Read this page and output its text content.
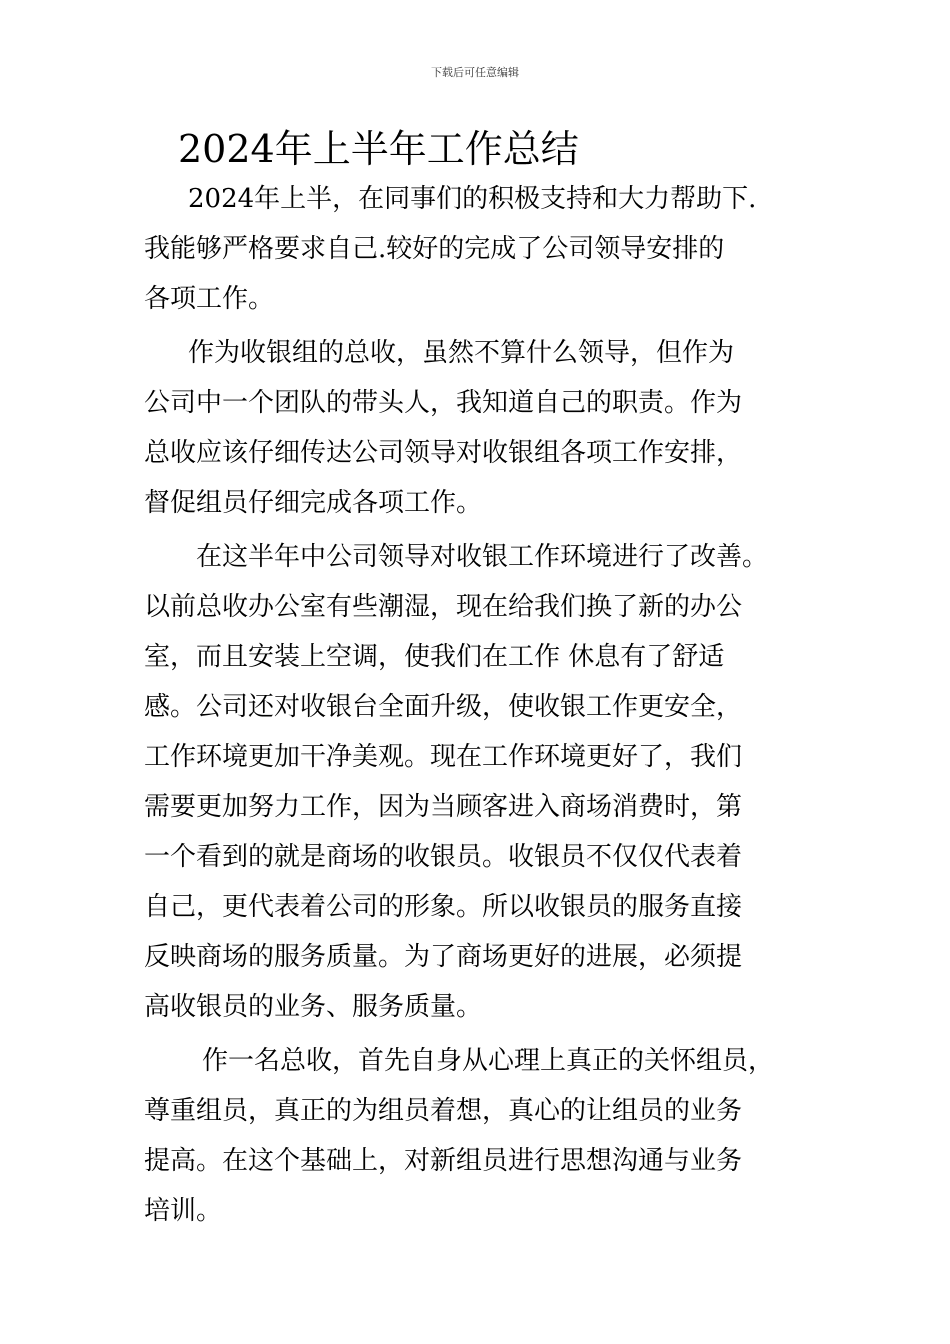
下载后可任意编辑
2024年上半年工作总结
2024年上半，在同事们的积极支持和大力帮助下.
我能够严格要求自己.较好的完成了公司领导安排的
各项工作。
作为收银组的总收，虽然不算什么领导，但作为
公司中一个团队的带头人，我知道自己的职责。作为
总收应该仔细传达公司领导对收银组各项工作安排，
督促组员仔细完成各项工作。
在这半年中公司领导对收银工作环境进行了改善。
以前总收办公室有些潮湿，现在给我们换了新的办公
室，而且安装上空调，使我们在工作 休息有了舒适
感。公司还对收银台全面升级，使收银工作更安全，
工作环境更加干净美观。现在工作环境更好了，我们
需要更加努力工作，因为当顾客进入商场消费时，第
一个看到的就是商场的收银员。收银员不仅仅代表着
自己，更代表着公司的形象。所以收银员的服务直接
反映商场的服务质量。为了商场更好的进展，必须提
高收银员的业务、服务质量。
作一名总收，首先自身从心理上真正的关怀组员，
尊重组员，真正的为组员着想，真心的让组员的业务
提高。在这个基础上，对新组员进行思想沟通与业务
培训。
